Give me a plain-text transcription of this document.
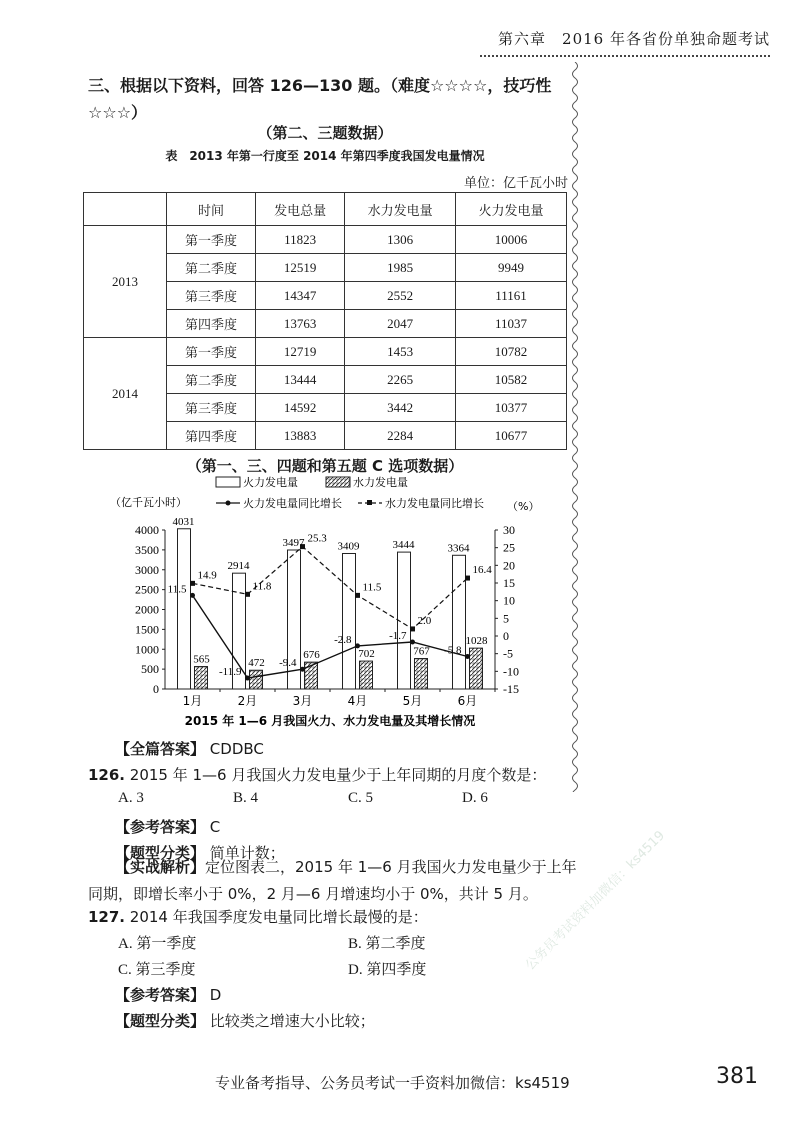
第六章　2016 年各省份单独命题考试
三、根据以下资料，回答 126—130 题。（难度☆☆☆☆，技巧性☆☆☆）
（第二、三题数据）
表　2013 年第一行度至 2014 年第四季度我国发电量情况
单位：亿千瓦小时
	时间	发电总量	水力发电量	火力发电量
2013	第一季度	11823	1306	10006
	第二季度	12519	1985	9949
	第三季度	14347	2552	11161
	第四季度	13763	2047	11037
2014	第一季度	12719	1453	10782
	第二季度	13444	2265	10582
	第三季度	14592	3442	10377
	第四季度	13883	2284	10677
（第一、三、四题和第五题 C 选项数据）
火力发电量	水力发电量
火力发电量同比增长	水力发电量同比增长
4000
3500
3000
2500
2000
1500
1000
500
0
30
25
20
15
10
5
0
-5
-10
-15
1月	2月	3月	4月	5月	6月
（亿千瓦小时）	（%）
2015 年 1—6 月我国火力、水力发电量及其增长情况
4031
2914
3497	3409	3444	3364
565	472
676	702	767
1028
11.5
-11.9
-9.4
-2.8	-1.7
-5.8
14.9
11.8
25.3
11.5
2.0
16.4
【全篇答案】 CDDBC
126. 2015 年 1—6 月我国火力发电量少于上年同期的月度个数是：
A. 3	B. 4	C. 5	D. 6
【参考答案】 C
【题型分类】 简单计数；
【实战解析】定位图表二，2015 年 1—6 月我国火力发电量少于上年同期，即增长率小于 0%，2 月—6 月增速均小于 0%，共计 5 月。
127. 2014 年我国季度发电量同比增长最慢的是：
A. 第一季度	B. 第二季度
C. 第三季度	D. 第四季度
【参考答案】 D
【题型分类】 比较类之增速大小比较；
公务员考试资料加微信：ks4519
专业备考指导、公务员考试一手资料加微信：ks4519	381
